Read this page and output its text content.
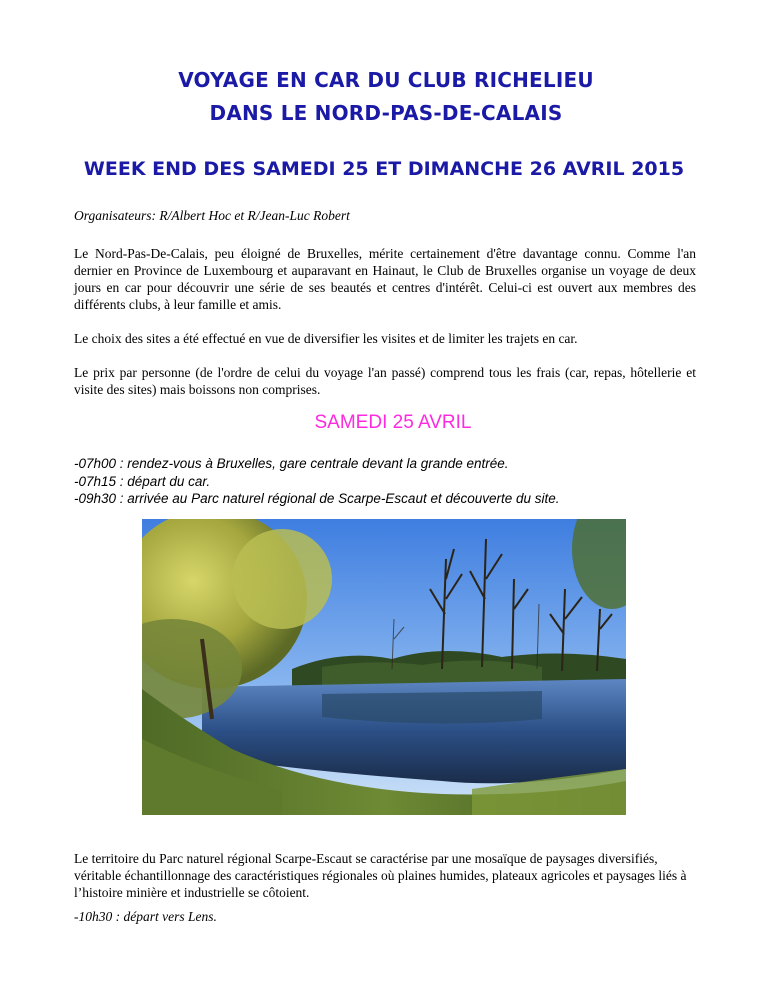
VOYAGE EN CAR DU CLUB RICHELIEU
DANS LE NORD-PAS-DE-CALAIS
WEEK END DES SAMEDI 25 ET DIMANCHE 26 AVRIL 2015
Organisateurs: R/Albert Hoc et R/Jean-Luc Robert
Le Nord-Pas-De-Calais, peu éloigné de Bruxelles, mérite certainement d'être davantage connu. Comme l'an dernier en Province de Luxembourg et auparavant en Hainaut, le Club de Bruxelles organise un voyage de deux jours en car pour découvrir une série de ses beautés et centres d'intérêt. Celui-ci est ouvert aux membres des différents clubs, à leur famille et amis.
Le choix des sites a été effectué en vue de diversifier les visites et de limiter les trajets en car.
Le prix par personne (de l'ordre de celui du voyage l'an passé) comprend tous les frais (car, repas, hôtellerie et visite des sites) mais boissons non comprises.
SAMEDI 25 AVRIL
-07h00 : rendez-vous à Bruxelles, gare centrale devant la grande entrée.
-07h15 : départ du car.
-09h30 : arrivée au Parc naturel régional de Scarpe-Escaut et découverte du site.
Le territoire du Parc naturel régional Scarpe-Escaut se caractérise par une mosaïque de paysages diversifiés, véritable échantillonnage des caractéristiques régionales où plaines humides, plateaux agricoles et paysages liés à l’histoire minière et industrielle se côtoient.
-10h30 : départ vers Lens.
